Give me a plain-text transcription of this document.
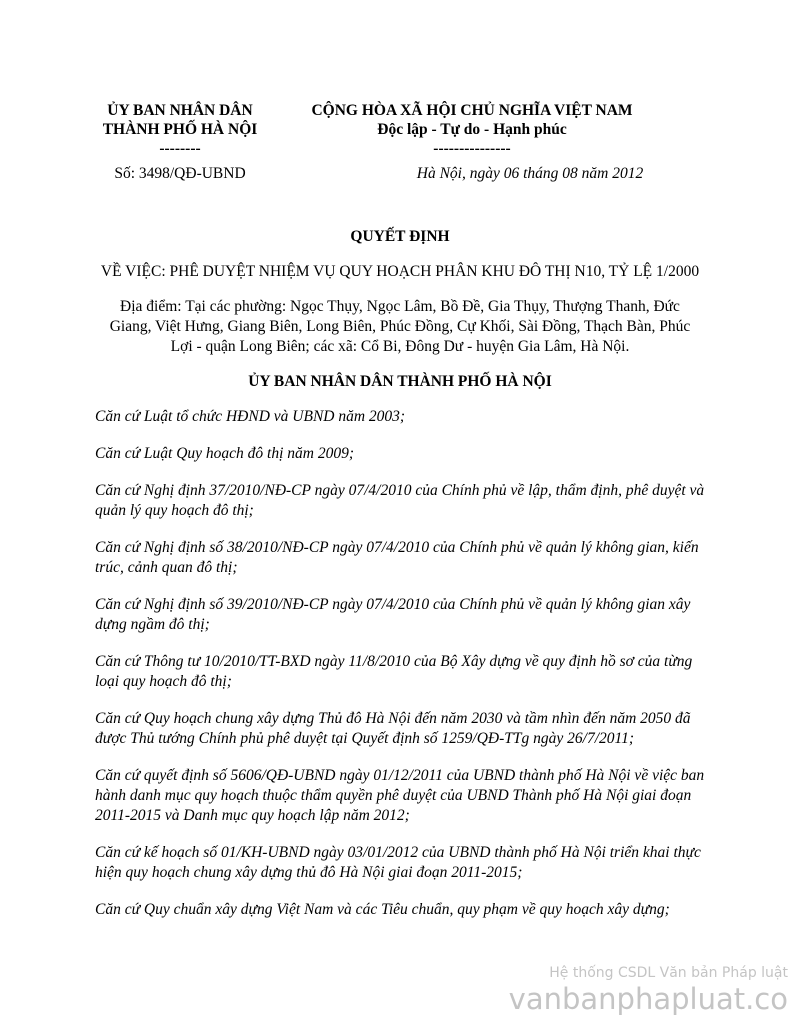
ỦY BAN NHÂN DÂN
THÀNH PHỐ HÀ NỘI
--------
CỘNG HÒA XÃ HỘI CHỦ NGHĨA VIỆT NAM
Độc lập - Tự do - Hạnh phúc
---------------
Số: 3498/QĐ-UBND	Hà Nội, ngày 06 tháng 08 năm 2012
QUYẾT ĐỊNH
VỀ VIỆC: PHÊ DUYỆT NHIỆM VỤ QUY HOẠCH PHÂN KHU ĐÔ THỊ N10, TỶ LỆ 1/2000
Địa điểm: Tại các phường: Ngọc Thụy, Ngọc Lâm, Bồ Đề, Gia Thụy, Thượng Thanh, Đức Giang, Việt Hưng, Giang Biên, Long Biên, Phúc Đồng, Cự Khối, Sài Đồng, Thạch Bàn, Phúc Lợi - quận Long Biên; các xã: Cổ Bi, Đông Dư - huyện Gia Lâm, Hà Nội.
ỦY BAN NHÂN DÂN THÀNH PHỐ HÀ NỘI

Căn cứ Luật tổ chức HĐND và UBND năm 2003;

Căn cứ Luật Quy hoạch đô thị năm 2009;

Căn cứ Nghị định 37/2010/NĐ-CP ngày 07/4/2010 của Chính phủ về lập, thẩm định, phê duyệt và quản lý quy hoạch đô thị;

Căn cứ Nghị định số 38/2010/NĐ-CP ngày 07/4/2010 của Chính phủ về quản lý không gian, kiến trúc, cảnh quan đô thị;

Căn cứ Nghị định số 39/2010/NĐ-CP ngày 07/4/2010 của Chính phủ về quản lý không gian xây dựng ngầm đô thị;

Căn cứ Thông tư 10/2010/TT-BXD ngày 11/8/2010 của Bộ Xây dựng về quy định hồ sơ của từng loại quy hoạch đô thị;

Căn cứ Quy hoạch chung xây dựng Thủ đô Hà Nội đến năm 2030 và tầm nhìn đến năm 2050 đã được Thủ tướng Chính phủ phê duyệt tại Quyết định số 1259/QĐ-TTg ngày 26/7/2011;

Căn cứ quyết định số 5606/QĐ-UBND ngày 01/12/2011 của UBND thành phố Hà Nội về việc ban hành danh mục quy hoạch thuộc thẩm quyền phê duyệt của UBND Thành phố Hà Nội giai đoạn 2011-2015 và Danh mục quy hoạch lập năm 2012;

Căn cứ kế hoạch số 01/KH-UBND ngày 03/01/2012 của UBND thành phố Hà Nội triển khai thực hiện quy hoạch chung xây dựng thủ đô Hà Nội giai đoạn 2011-2015;

Căn cứ Quy chuẩn xây dựng Việt Nam và các Tiêu chuẩn, quy phạm về quy hoạch xây dựng;

Hệ thống CSDL Văn bản Pháp luật
vanbanphapluat.co
